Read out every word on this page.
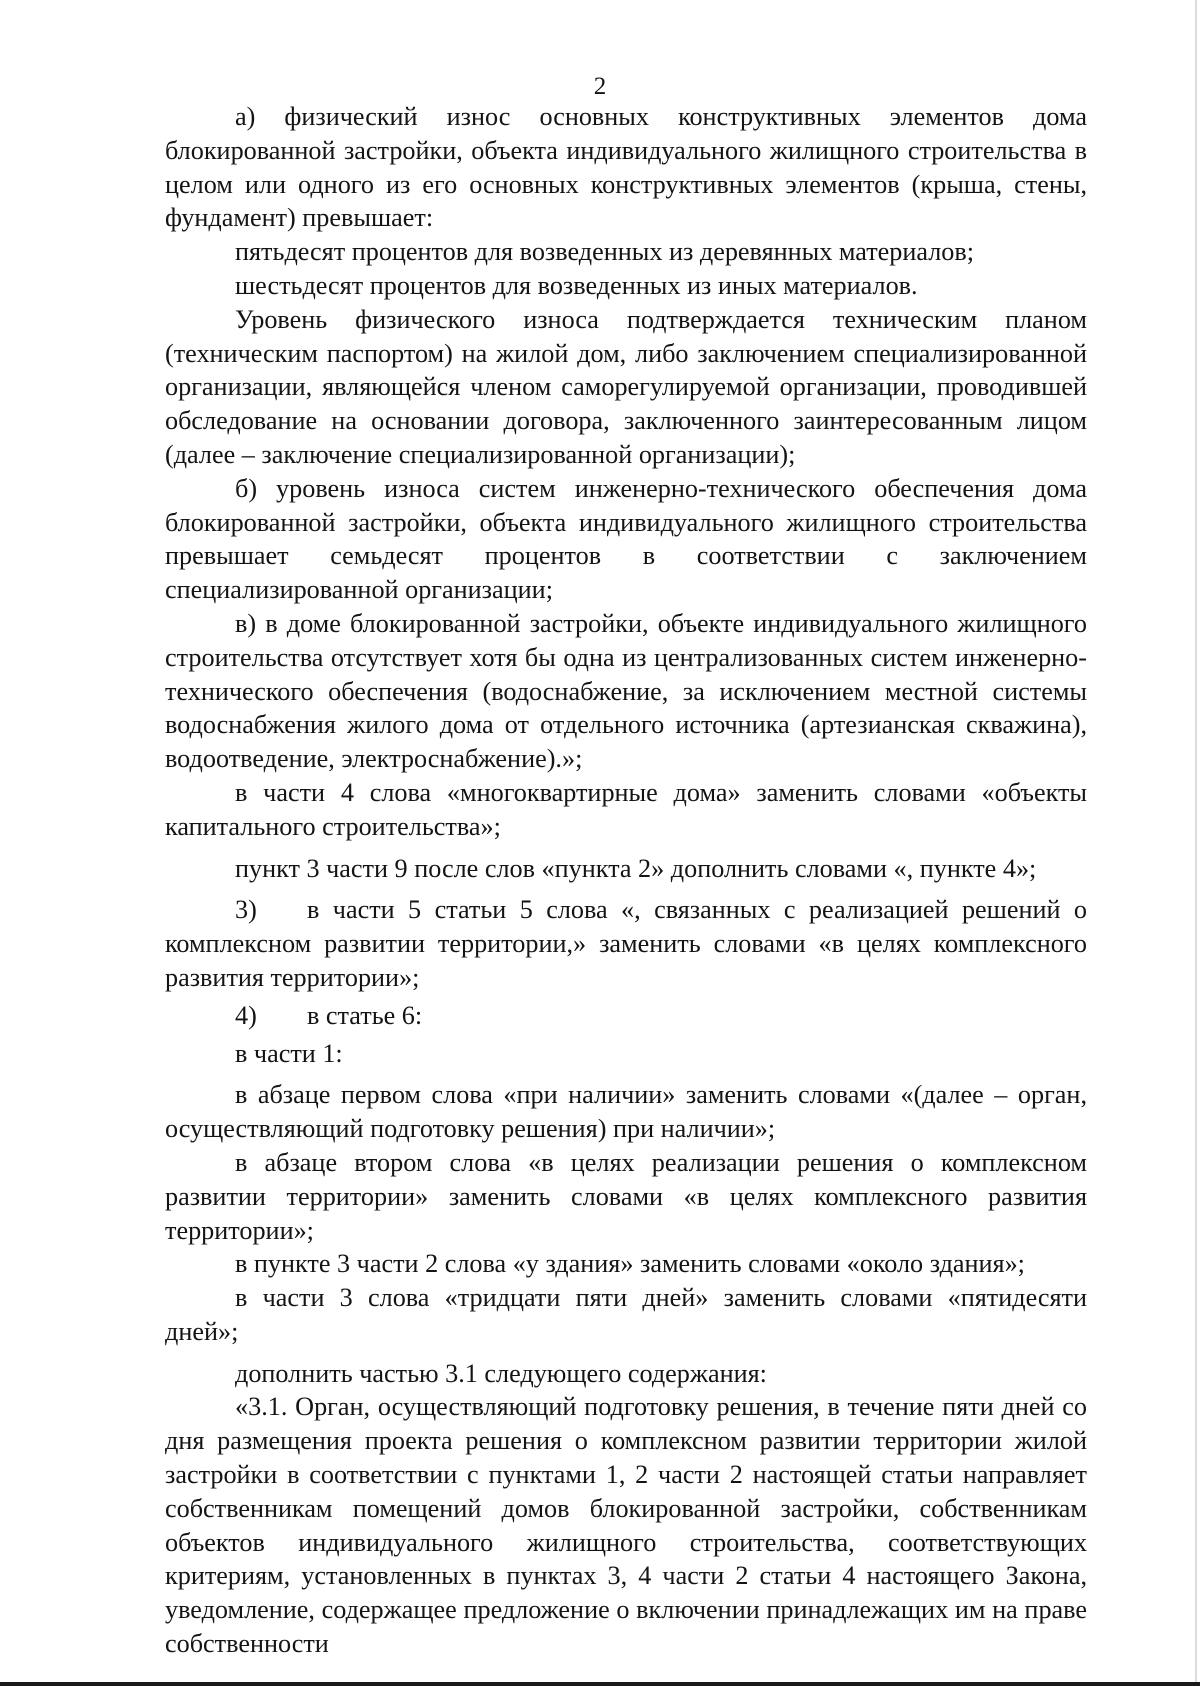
2

а) физический износ основных конструктивных элементов дома блокированной застройки, объекта индивидуального жилищного строительства в целом или одного из его основных конструктивных элементов (крыша, стены, фундамент) превышает:

пятьдесят процентов для возведенных из деревянных материалов;

шестьдесят процентов для возведенных из иных материалов.

Уровень физического износа подтверждается техническим планом (техническим паспортом) на жилой дом, либо заключением специализированной организации, являющейся членом саморегулируемой организации, проводившей обследование на основании договора, заключенного заинтересованным лицом (далее – заключение специализированной организации);

б) уровень износа систем инженерно-технического обеспечения дома блокированной застройки, объекта индивидуального жилищного строительства превышает семьдесят процентов в соответствии с заключением специализированной организации;

в) в доме блокированной застройки, объекте индивидуального жилищного строительства отсутствует хотя бы одна из централизованных систем инженерно-технического обеспечения (водоснабжение, за исключением местной системы водоснабжения жилого дома от отдельного источника (артезианская скважина), водоотведение, электроснабжение).»;

в части 4 слова «многоквартирные дома» заменить словами «объекты капитального строительства»;

пункт 3 части 9 после слов «пункта 2» дополнить словами «, пункте 4»;

3) в части 5 статьи 5 слова «, связанных с реализацией решений о комплексном развитии территории,» заменить словами «в целях комплексного развития территории»;

4) в статье 6:

в части 1:

в абзаце первом слова «при наличии» заменить словами «(далее – орган, осуществляющий подготовку решения) при наличии»;

в абзаце втором слова «в целях реализации решения о комплексном развитии территории» заменить словами «в целях комплексного развития территории»;

в пункте 3 части 2 слова «у здания» заменить словами «около здания»;

в части 3 слова «тридцати пяти дней» заменить словами «пятидесяти дней»;

дополнить частью 3.1 следующего содержания:

«3.1. Орган, осуществляющий подготовку решения, в течение пяти дней со дня размещения проекта решения о комплексном развитии территории жилой застройки в соответствии с пунктами 1, 2 части 2 настоящей статьи направляет собственникам помещений домов блокированной застройки, собственникам объектов индивидуального жилищного строительства, соответствующих критериям, установленных в пунктах 3, 4 части 2 статьи 4 настоящего Закона, уведомление, содержащее предложение о включении принадлежащих им на праве собственности
